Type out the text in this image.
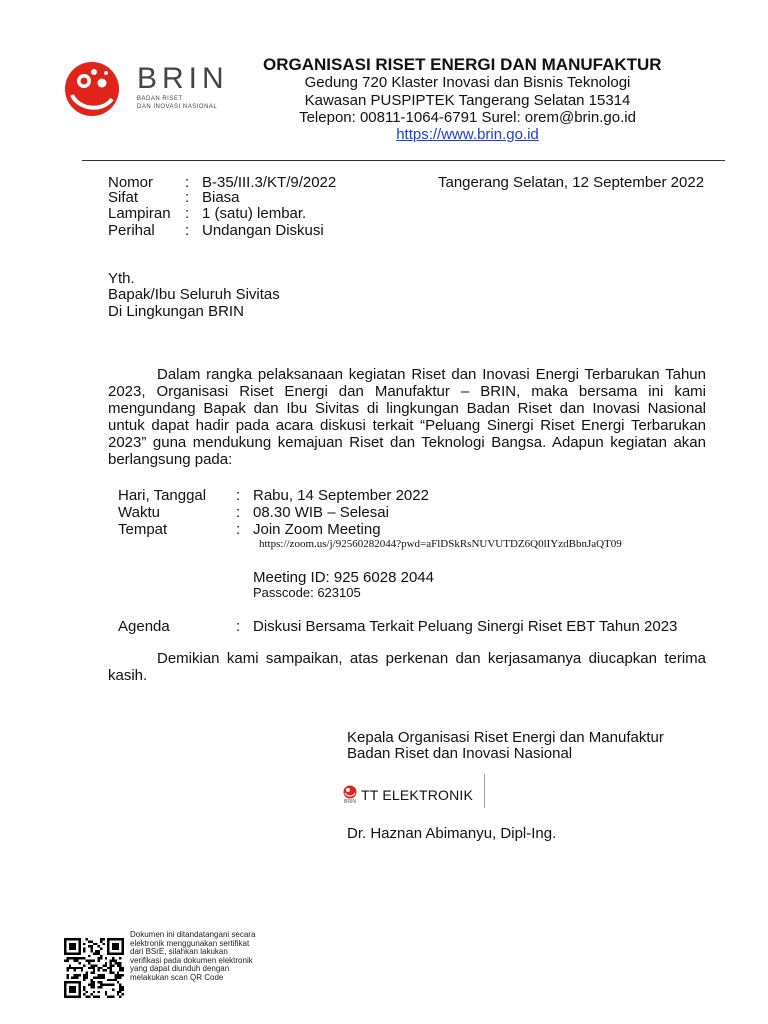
BRIN
BADAN RISET
DAN INOVASI NASIONAL
ORGANISASI RISET ENERGI DAN MANUFAKTUR
Gedung 720 Klaster Inovasi dan Bisnis Teknologi
Kawasan PUSPIPTEK Tangerang Selatan 15314
Telepon: 00811-1064-6791 Surel: orem@brin.go.id
https://www.brin.go.id
Nomor : B-35/III.3/KT/9/2022
Sifat	: Biasa
Lampiran : 1 (satu) lembar.
Perihal : Undangan Diskusi
Tangerang Selatan, 12 September 2022
Yth.
Bapak/Ibu Seluruh Sivitas
Di Lingkungan BRIN

Dalam rangka pelaksanaan kegiatan Riset dan Inovasi Energi Terbarukan Tahun 2023, Organisasi Riset Energi dan Manufaktur – BRIN, maka bersama ini kami mengundang Bapak dan Ibu Sivitas di lingkungan Badan Riset dan Inovasi Nasional untuk dapat hadir pada acara diskusi terkait “Peluang Sinergi Riset Energi Terbarukan 2023” guna mendukung kemajuan Riset dan Teknologi Bangsa. Adapun kegiatan akan berlangsung pada:

Hari, Tanggal : Rabu, 14 September 2022
Waktu	: 08.30 WIB – Selesai
Tempat	: Join Zoom Meeting
https://zoom.us/j/92560282044?pwd=aFlDSkRsNUVUTDZ6Q0lIYzdBbnJaQT09
Meeting ID: 925 6028 2044
Passcode: 623105
Agenda	: Diskusi Bersama Terkait Peluang Sinergi Riset EBT Tahun 2023

Demikian kami sampaikan, atas perkenan dan kerjasamanya diucapkan terima kasih.

Kepala Organisasi Riset Energi dan Manufaktur
Badan Riset dan Inovasi Nasional
BRIN TT ELEKTRONIK
Dr. Haznan Abimanyu, Dipl-Ing.
Dokumen ini ditandatangani secara elektronik menggunakan sertifikat dari BSrE, silahkan lakukan verifikasi pada dokumen elektronik yang dapat diunduh dengan melakukan scan QR Code
